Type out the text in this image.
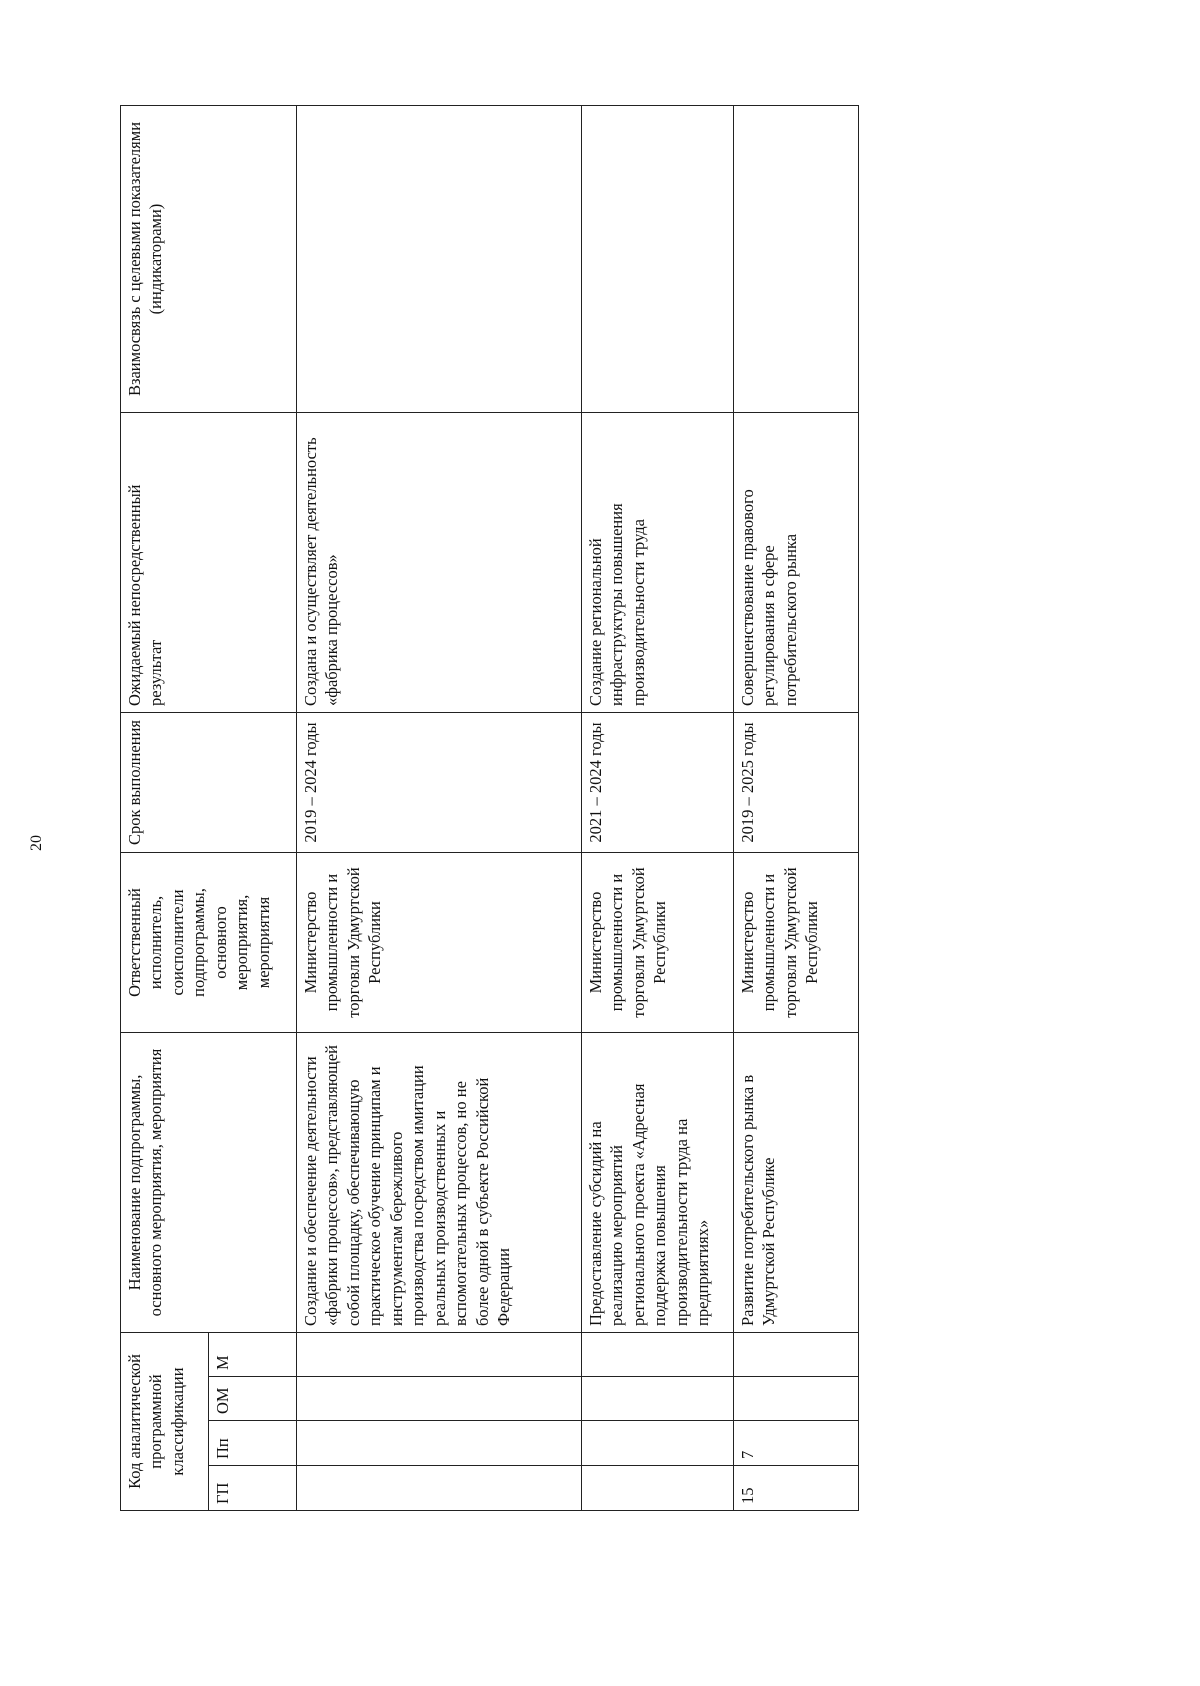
20
Код аналитической программной классификации				Наименование подпрограммы, основного мероприятия, мероприятия	Ответственный исполнитель, соисполнители подпрограммы, основного мероприятия, мероприятия	Срок выполнения	Ожидаемый непосредственный результат	Взаимосвязь с целевыми показателями (индикаторами)
ГП	Пп	ОМ	М					
				Создание и обеспечение деятельности «фабрики процессов», представляющей собой площадку, обеспечивающую практическое обучение принципам и инструментам бережливого производства посредством имитации реальных производственных и вспомогательных процессов, но не более одной в субъекте Российской Федерации	Министерство промышленности и торговли Удмуртской Республики	2019 – 2024 годы	Создана и осуществляет деятельность «фабрика процессов»	
				Предоставление субсидий на реализацию мероприятий регионального проекта «Адресная поддержка повышения производительности труда на предприятиях»	Министерство промышленности и торговли Удмуртской Республики	2021 – 2024 годы	Создание региональной инфраструктуры повышения производительности труда	
15	7			Развитие потребительского рынка в Удмуртской Республике	Министерство промышленности и торговли Удмуртской Республики	2019 – 2025 годы	Совершенствование правового регулирования в сфере потребительского рынка	
